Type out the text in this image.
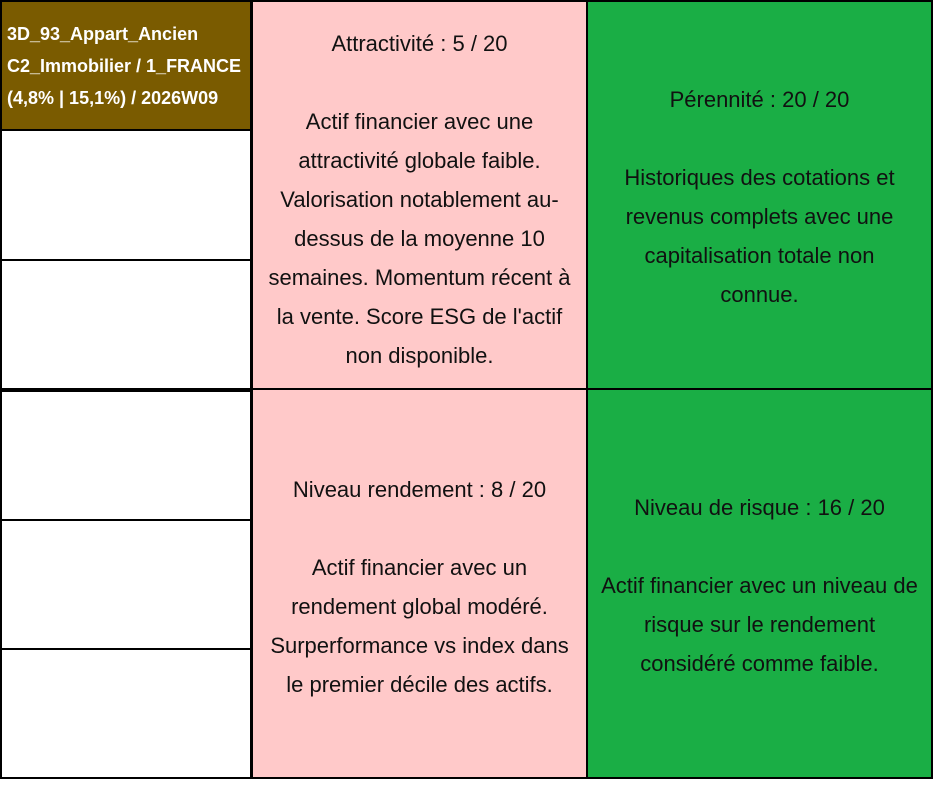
3D_93_Appart_Ancien
C2_Immobilier / 1_FRANCE
(4,8% | 15,1%) / 2026W09
Attractivité : 5 / 20
Actif financier avec une
attractivité globale faible.
Valorisation notablement au-
dessus de la moyenne 10
semaines. Momentum récent à
la vente. Score ESG de l'actif
non disponible.
Pérennité : 20 / 20
Historiques des cotations et
revenus complets avec une
capitalisation totale non
connue.
Niveau rendement : 8 / 20
Actif financier avec un
rendement global modéré.
Surperformance vs index dans
le premier décile des actifs.
Niveau de risque : 16 / 20
Actif financier avec un niveau de
risque sur le rendement
considéré comme faible.
